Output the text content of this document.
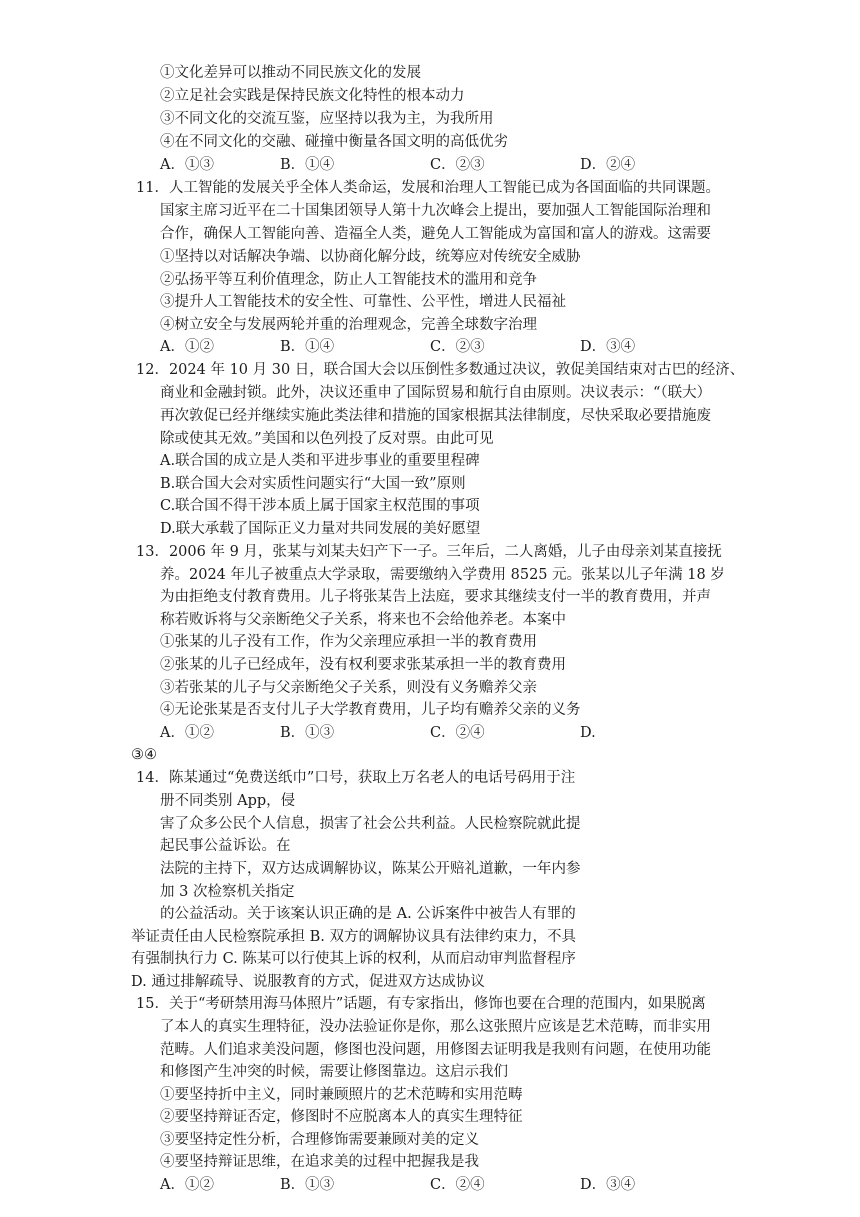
①文化差异可以推动不同民族文化的发展
②立足社会实践是保持民族文化特性的根本动力
③不同文化的交流互鉴，应坚持以我为主，为我所用
④在不同文化的交融、碰撞中衡量各国文明的高低优劣
A．①③	B．①④	C．②③	D．②④
11．人工智能的发展关乎全体人类命运，发展和治理人工智能已成为各国面临的共同课题。
国家主席习近平在二十国集团领导人第十九次峰会上提出，要加强人工智能国际治理和
合作，确保人工智能向善、造福全人类，避免人工智能成为富国和富人的游戏。这需要
①坚持以对话解决争端、以协商化解分歧，统筹应对传统安全威胁
②弘扬平等互利价值理念，防止人工智能技术的滥用和竞争
③提升人工智能技术的安全性、可靠性、公平性，增进人民福祉
④树立安全与发展两轮并重的治理观念，完善全球数字治理
A．①②	B．①④	C．②③	D．③④
12．2024 年 10 月 30 日，联合国大会以压倒性多数通过决议，敦促美国结束对古巴的经济、
商业和金融封锁。此外，决议还重申了国际贸易和航行自由原则。决议表示：“（联大）
再次敦促已经并继续实施此类法律和措施的国家根据其法律制度，尽快采取必要措施废
除或使其无效。”美国和以色列投了反对票。由此可见
A.联合国的成立是人类和平进步事业的重要里程碑
B.联合国大会对实质性问题实行“大国一致”原则
C.联合国不得干涉本质上属于国家主权范围的事项
D.联大承载了国际正义力量对共同发展的美好愿望
13．2006 年 9 月，张某与刘某夫妇产下一子。三年后，二人离婚，儿子由母亲刘某直接抚
养。2024 年儿子被重点大学录取，需要缴纳入学费用 8525 元。张某以儿子年满 18 岁
为由拒绝支付教育费用。儿子将张某告上法庭，要求其继续支付一半的教育费用，并声
称若败诉将与父亲断绝父子关系，将来也不会给他养老。本案中
①张某的儿子没有工作，作为父亲理应承担一半的教育费用
②张某的儿子已经成年，没有权利要求张某承担一半的教育费用
③若张某的儿子与父亲断绝父子关系，则没有义务赡养父亲
④无论张某是否支付儿子大学教育费用，儿子均有赡养父亲的义务
A．①②	B．①③	C．②④	D.
③④
14．陈某通过“免费送纸巾”口号，获取上万名老人的电话号码用于注
册不同类别 App，侵
害了众多公民个人信息，损害了社会公共利益。人民检察院就此提
起民事公益诉讼。在
法院的主持下，双方达成调解协议，陈某公开赔礼道歉，一年内参
加 3 次检察机关指定
的公益活动。关于该案认识正确的是 A. 公诉案件中被告人有罪的
举证责任由人民检察院承担 B. 双方的调解协议具有法律约束力，不具
有强制执行力 C. 陈某可以行使其上诉的权利，从而启动审判监督程序
D. 通过排解疏导、说服教育的方式，促进双方达成协议
15．关于“考研禁用海马体照片”话题，有专家指出，修饰也要在合理的范围内，如果脱离
了本人的真实生理特征，没办法验证你是你，那么这张照片应该是艺术范畴，而非实用
范畴。人们追求美没问题，修图也没问题，用修图去证明我是我则有问题，在使用功能
和修图产生冲突的时候，需要让修图靠边。这启示我们
①要坚持折中主义，同时兼顾照片的艺术范畴和实用范畴
②要坚持辩证否定，修图时不应脱离本人的真实生理特征
③要坚持定性分析，合理修饰需要兼顾对美的定义
④要坚持辩证思维，在追求美的过程中把握我是我
A．①②	B．①③	C．②④	D．③④
